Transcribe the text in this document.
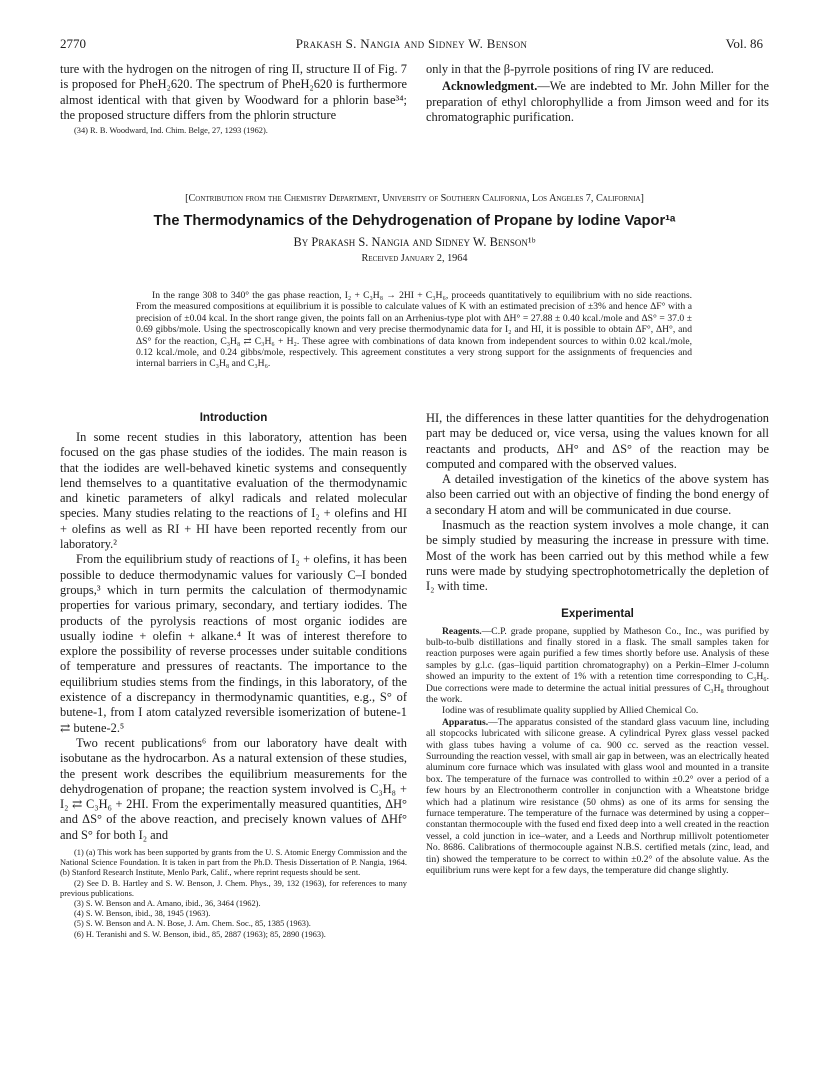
2770	Prakash S. Nangia and Sidney W. Benson	Vol. 86

ture with the hydrogen on the nitrogen of ring II, structure II of Fig. 7 is proposed for PheH₂620. The spectrum of PheH₂620 is furthermore almost identical with that given by Woodward for a phlorin base³⁴; the proposed structure differs from the phlorin structure

(34) R. B. Woodward, Ind. Chim. Belge, 27, 1293 (1962).

only in that the β-pyrrole positions of ring IV are reduced.

Acknowledgment.—We are indebted to Mr. John Miller for the preparation of ethyl chlorophyllide a from Jimson weed and for its chromatographic purification.

[Contribution from the Chemistry Department, University of Southern California, Los Angeles 7, California]

The Thermodynamics of the Dehydrogenation of Propane by Iodine Vapor¹ᵃ

By Prakash S. Nangia and Sidney W. Benson¹ᵇ

Received January 2, 1964

In the range 308 to 340° the gas phase reaction, I₂ + C₃H₈ → 2HI + C₃H₆, proceeds quantitatively to equilibrium with no side reactions. From the measured compositions at equilibrium it is possible to calculate values of K with an estimated precision of ±3% and hence ΔF° with a precision of ±0.04 kcal. In the short range given, the points fall on an Arrhenius-type plot with ΔH° = 27.88 ± 0.40 kcal./mole and ΔS° = 37.0 ± 0.69 gibbs/mole. Using the spectroscopically known and very precise thermodynamic data for I₂ and HI, it is possible to obtain ΔF°, ΔH°, and ΔS° for the reaction, C₃H₈ ⇄ C₃H₆ + H₂. These agree with combinations of data known from independent sources to within 0.02 kcal./mole, 0.12 kcal./mole, and 0.24 gibbs/mole, respectively. This agreement constitutes a very strong support for the assignments of frequencies and internal barriers in C₃H₈ and C₃H₆.

Introduction

In some recent studies in this laboratory, attention has been focused on the gas phase studies of the iodides. The main reason is that the iodides are well-behaved kinetic systems and consequently lend themselves to a quantitative evaluation of the thermodynamic and kinetic parameters of alkyl radicals and related molecular species. Many studies relating to the reactions of I₂ + olefins and HI + olefins as well as RI + HI have been reported recently from our laboratory.²

From the equilibrium study of reactions of I₂ + olefins, it has been possible to deduce thermodynamic values for variously C–I bonded groups,³ which in turn permits the calculation of thermodynamic properties for various primary, secondary, and tertiary iodides. The products of the pyrolysis reactions of most organic iodides are usually iodine + olefin + alkane.⁴ It was of interest therefore to explore the possibility of reverse processes under suitable conditions of temperature and pressures of reactants. The importance to the equilibrium studies stems from the findings, in this laboratory, of the existence of a discrepancy in thermodynamic quantities, e.g., S° of butene-1, from I atom catalyzed reversible isomerization of butene-1 ⇄ butene-2.⁵

Two recent publications⁶ from our laboratory have dealt with isobutane as the hydrocarbon. As a natural extension of these studies, the present work describes the equilibrium measurements for the dehydrogenation of propane; the reaction system involved is C₃H₈ + I₂ ⇄ C₃H₆ + 2HI. From the experimentally measured quantities, ΔH° and ΔS° of the above reaction, and precisely known values of ΔHf° and S° for both I₂ and

(1) (a) This work has been supported by grants from the U. S. Atomic Energy Commission and the National Science Foundation. It is taken in part from the Ph.D. Thesis Dissertation of P. Nangia, 1964. (b) Stanford Research Institute, Menlo Park, Calif., where reprint requests should be sent.

(2) See D. B. Hartley and S. W. Benson, J. Chem. Phys., 39, 132 (1963), for references to many previous publications.

(3) S. W. Benson and A. Amano, ibid., 36, 3464 (1962).

(4) S. W. Benson, ibid., 38, 1945 (1963).

(5) S. W. Benson and A. N. Bose, J. Am. Chem. Soc., 85, 1385 (1963).

(6) H. Teranishi and S. W. Benson, ibid., 85, 2887 (1963); 85, 2890 (1963).

HI, the differences in these latter quantities for the dehydrogenation part may be deduced or, vice versa, using the values known for all reactants and products, ΔH° and ΔS° of the reaction may be computed and compared with the observed values.

A detailed investigation of the kinetics of the above system has also been carried out with an objective of finding the bond energy of a secondary H atom and will be communicated in due course.

Inasmuch as the reaction system involves a mole change, it can be simply studied by measuring the increase in pressure with time. Most of the work has been carried out by this method while a few runs were made by studying spectrophotometrically the depletion of I₂ with time.

Experimental

Reagents.—C.P. grade propane, supplied by Matheson Co., Inc., was purified by bulb-to-bulb distillations and finally stored in a flask. The small samples taken for reaction purposes were again purified a few times shortly before use. Analysis of these samples by g.l.c. (gas–liquid partition chromatography) on a Perkin–Elmer J-column showed an impurity to the extent of 1% with a retention time corresponding to C₃H₆. Due corrections were made to determine the actual initial pressures of C₃H₈ throughout the work.

Iodine was of resublimate quality supplied by Allied Chemical Co.

Apparatus.—The apparatus consisted of the standard glass vacuum line, including all stopcocks lubricated with silicone grease. A cylindrical Pyrex glass vessel packed with glass tubes having a volume of ca. 900 cc. served as the reaction vessel. Surrounding the reaction vessel, with small air gap in between, was an electrically heated aluminum core furnace which was insulated with glass wool and mounted in a transite box. The temperature of the furnace was controlled to within ±0.2° over a period of a few hours by an Electronotherm controller in conjunction with a Wheatstone bridge which had a platinum wire resistance (50 ohms) as one of its arms for sensing the furnace temperature. The temperature of the furnace was determined by using a copper–constantan thermocouple with the fused end fixed deep into a well created in the reaction vessel, a cold junction in ice–water, and a Leeds and Northrup millivolt potentiometer No. 8686. Calibrations of thermocouple against N.B.S. certified metals (zinc, lead, and tin) showed the temperature to be correct to within ±0.2° of the absolute value. As the equilibrium runs were kept for a few days, the temperature did change slightly.
